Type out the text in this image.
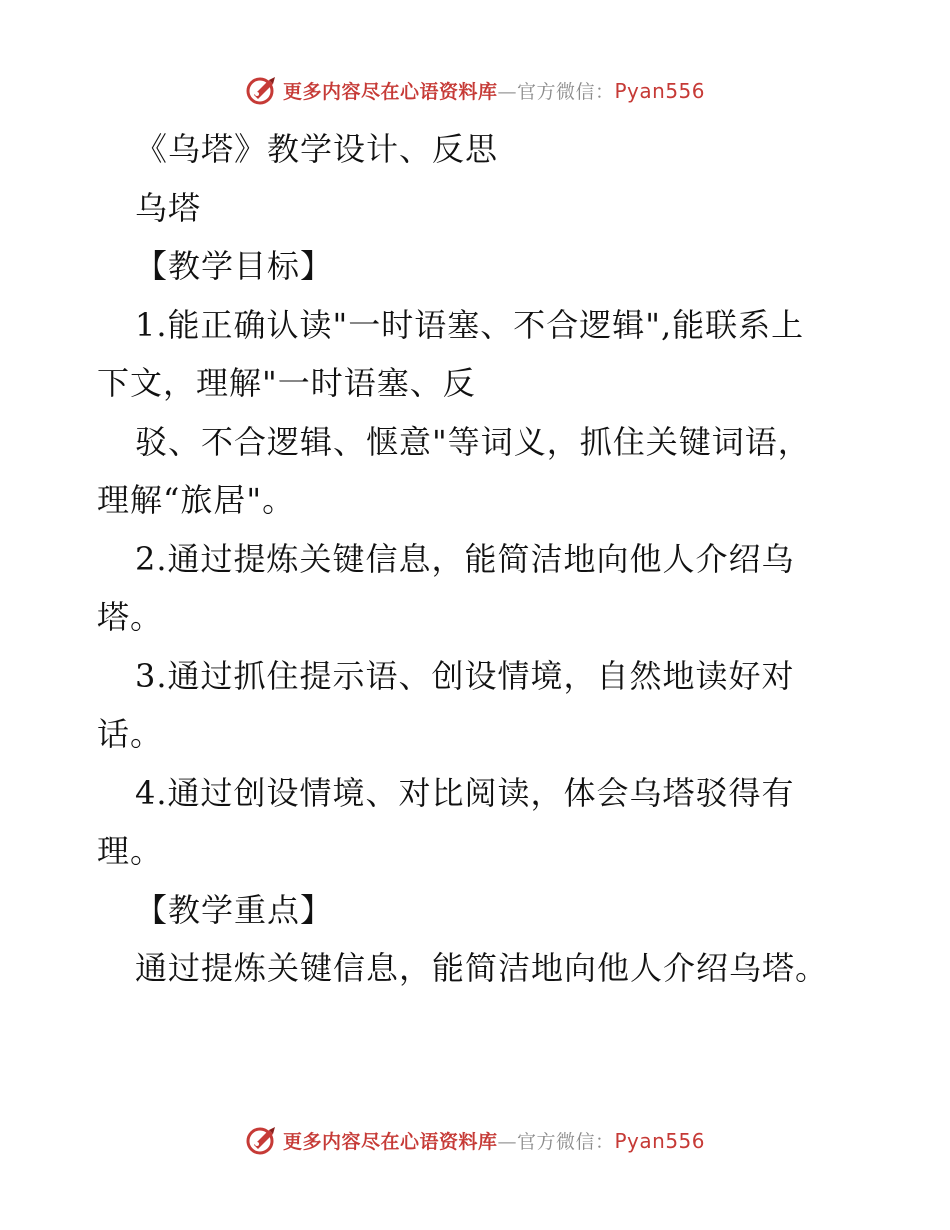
更多内容尽在心语资料库—官方微信：Pyan556
《乌塔》教学设计、反思
乌塔
【教学目标】
1.能正确认读"一时语塞、不合逻辑",能联系上
下文，理解"一时语塞、反
驳、不合逻辑、惬意"等词义，抓住关键词语，
理解“旅居"。
2.通过提炼关键信息，能简洁地向他人介绍乌
塔。
3.通过抓住提示语、创设情境，自然地读好对
话。
4.通过创设情境、对比阅读，体会乌塔驳得有
理。
【教学重点】
通过提炼关键信息，能简洁地向他人介绍乌塔。
更多内容尽在心语资料库—官方微信：Pyan556
